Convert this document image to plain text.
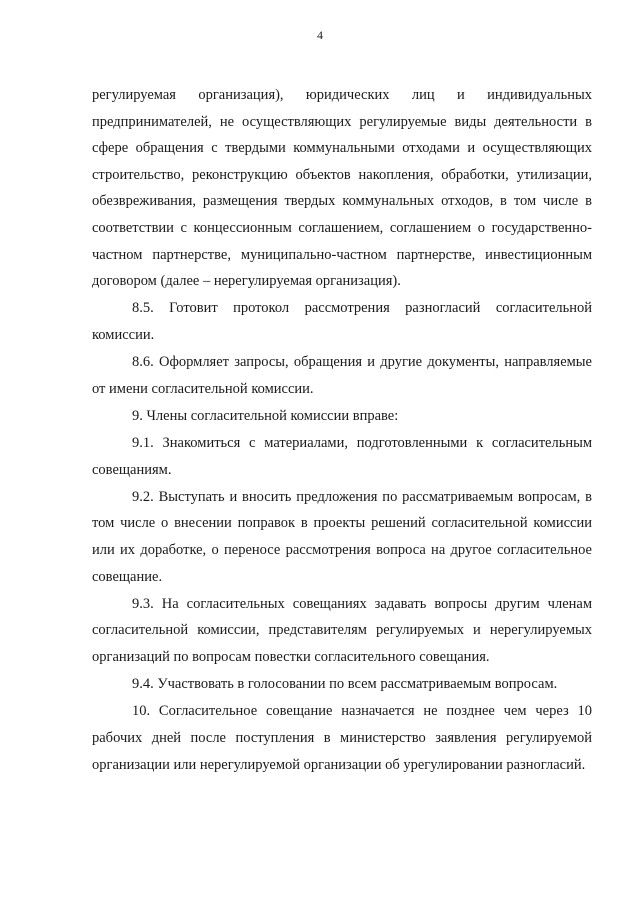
4

регулируемая организация), юридических лиц и индивидуальных предпринимателей, не осуществляющих регулируемые виды деятельности в сфере обращения с твердыми коммунальными отходами и осуществляющих строительство, реконструкцию объектов накопления, обработки, утилизации, обезвреживания, размещения твердых коммунальных отходов, в том числе в соответствии с концессионным соглашением, соглашением о государственно-частном партнерстве, муниципально-частном партнерстве, инвестиционным договором (далее – нерегулируемая организация).

8.5. Готовит протокол рассмотрения разногласий согласительной комиссии.

8.6. Оформляет запросы, обращения и другие документы, направляемые от имени согласительной комиссии.

9. Члены согласительной комиссии вправе:

9.1. Знакомиться с материалами, подготовленными к согласительным совещаниям.

9.2. Выступать и вносить предложения по рассматриваемым вопросам, в том числе о внесении поправок в проекты решений согласительной комиссии или их доработке, о переносе рассмотрения вопроса на другое согласительное совещание.

9.3. На согласительных совещаниях задавать вопросы другим членам согласительной комиссии, представителям регулируемых и нерегулируемых организаций по вопросам повестки согласительного совещания.

9.4. Участвовать в голосовании по всем рассматриваемым вопросам.

10. Согласительное совещание назначается не позднее чем через 10 рабочих дней после поступления в министерство заявления регулируемой организации или нерегулируемой организации об урегулировании разногласий.
